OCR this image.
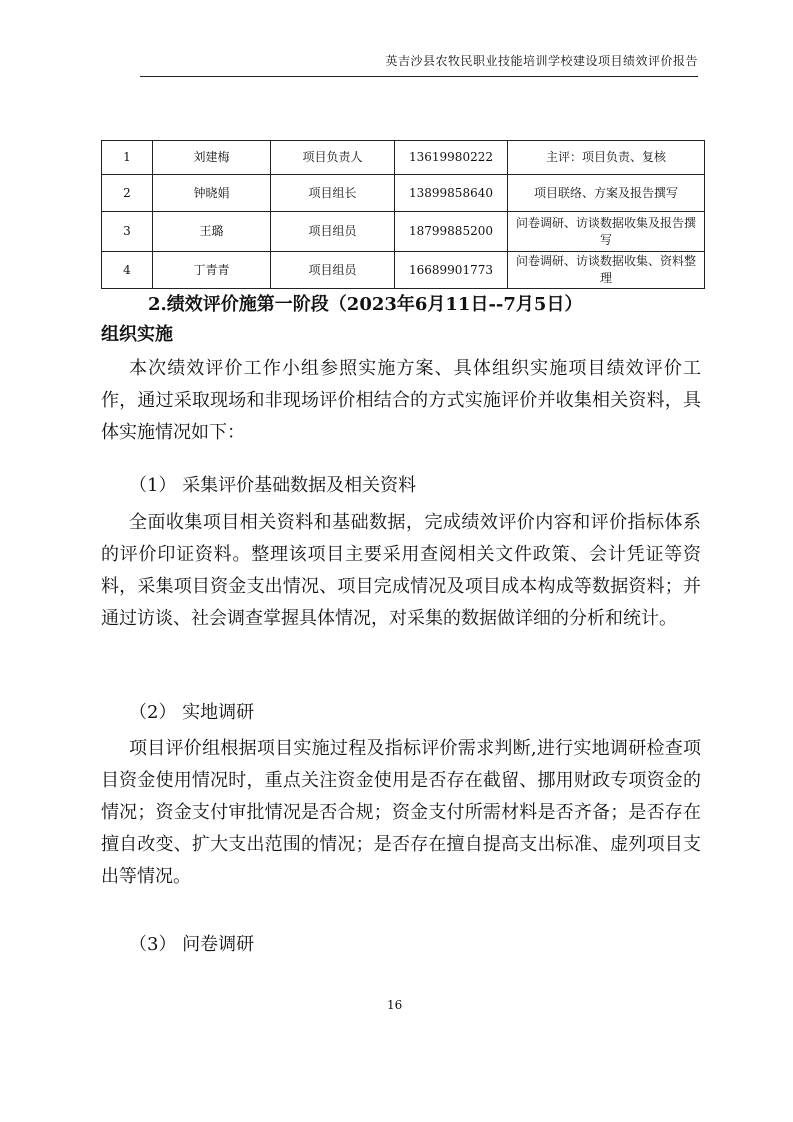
英吉沙县农牧民职业技能培训学校建设项目绩效评价报告
1	刘建梅	项目负责人	13619980222	主评：项目负责、复核
2	钟晓娟	项目组长	13899858640	项目联络、方案及报告撰写
3	王璐	项目组员	18799885200	问卷调研、访谈数据收集及报告撰写
4	丁青青	项目组员	16689901773	问卷调研、访谈数据收集、资料整理
2.绩效评价施第一阶段（2023年6月11日--7月5日）
组织实施
本次绩效评价工作小组参照实施方案、具体组织实施项目绩效评价工作，通过采取现场和非现场评价相结合的方式实施评价并收集相关资料，具体实施情况如下：
（1） 采集评价基础数据及相关资料
全面收集项目相关资料和基础数据，完成绩效评价内容和评价指标体系的评价印证资料。整理该项目主要采用查阅相关文件政策、会计凭证等资料，采集项目资金支出情况、项目完成情况及项目成本构成等数据资料；并通过访谈、社会调查掌握具体情况，对采集的数据做详细的分析和统计。
（2） 实地调研
项目评价组根据项目实施过程及指标评价需求判断,进行实地调研检查项目资金使用情况时，重点关注资金使用是否存在截留、挪用财政专项资金的情况；资金支付审批情况是否合规；资金支付所需材料是否齐备；是否存在擅自改变、扩大支出范围的情况；是否存在擅自提高支出标准、虚列项目支出等情况。
（3） 问卷调研
16
